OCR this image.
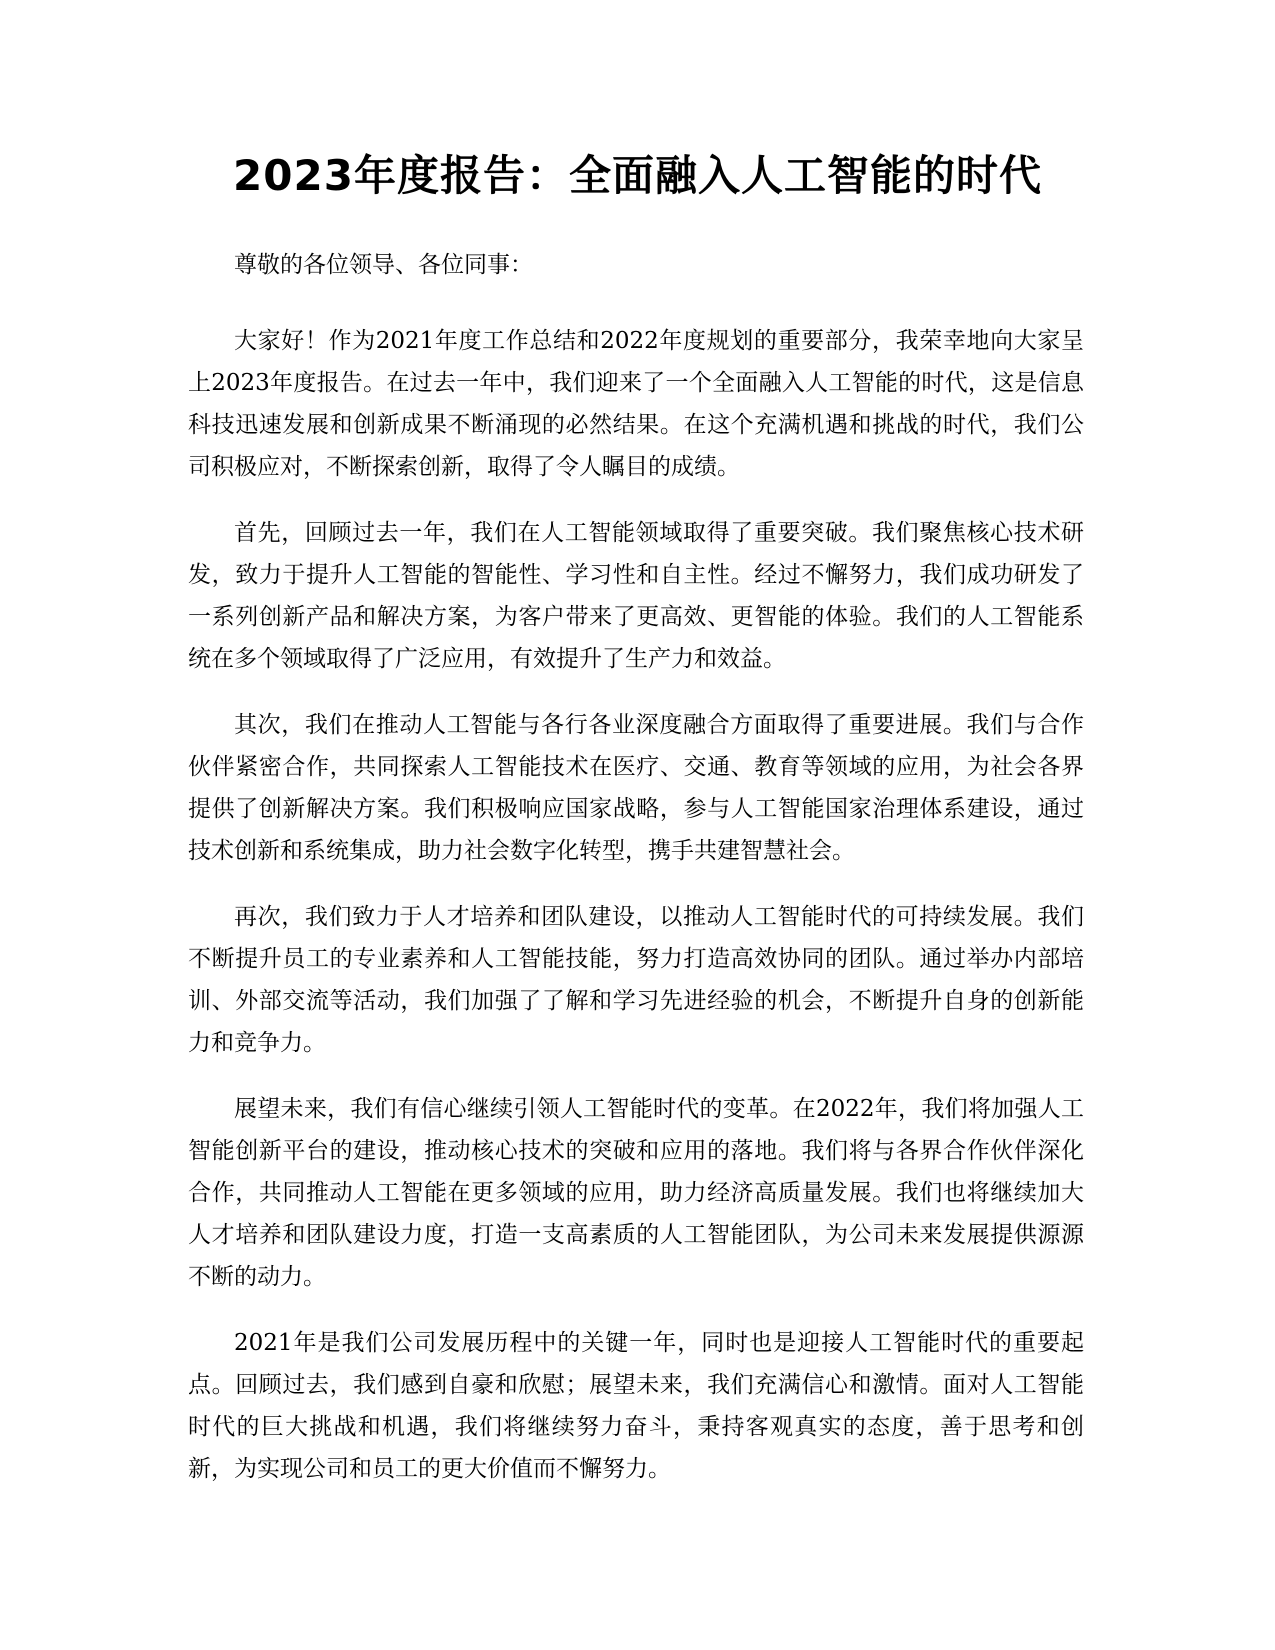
2023年度报告：全面融入人工智能的时代

尊敬的各位领导、各位同事：

大家好！作为2021年度工作总结和2022年度规划的重要部分，我荣幸地向大家呈上2023年度报告。在过去一年中，我们迎来了一个全面融入人工智能的时代，这是信息科技迅速发展和创新成果不断涌现的必然结果。在这个充满机遇和挑战的时代，我们公司积极应对，不断探索创新，取得了令人瞩目的成绩。

首先，回顾过去一年，我们在人工智能领域取得了重要突破。我们聚焦核心技术研发，致力于提升人工智能的智能性、学习性和自主性。经过不懈努力，我们成功研发了一系列创新产品和解决方案，为客户带来了更高效、更智能的体验。我们的人工智能系统在多个领域取得了广泛应用，有效提升了生产力和效益。

其次，我们在推动人工智能与各行各业深度融合方面取得了重要进展。我们与合作伙伴紧密合作，共同探索人工智能技术在医疗、交通、教育等领域的应用，为社会各界提供了创新解决方案。我们积极响应国家战略，参与人工智能国家治理体系建设，通过技术创新和系统集成，助力社会数字化转型，携手共建智慧社会。

再次，我们致力于人才培养和团队建设，以推动人工智能时代的可持续发展。我们不断提升员工的专业素养和人工智能技能，努力打造高效协同的团队。通过举办内部培训、外部交流等活动，我们加强了了解和学习先进经验的机会，不断提升自身的创新能力和竞争力。

展望未来，我们有信心继续引领人工智能时代的变革。在2022年，我们将加强人工智能创新平台的建设，推动核心技术的突破和应用的落地。我们将与各界合作伙伴深化合作，共同推动人工智能在更多领域的应用，助力经济高质量发展。我们也将继续加大人才培养和团队建设力度，打造一支高素质的人工智能团队，为公司未来发展提供源源不断的动力。

2021年是我们公司发展历程中的关键一年，同时也是迎接人工智能时代的重要起点。回顾过去，我们感到自豪和欣慰；展望未来，我们充满信心和激情。面对人工智能时代的巨大挑战和机遇，我们将继续努力奋斗，秉持客观真实的态度，善于思考和创新，为实现公司和员工的更大价值而不懈努力。
